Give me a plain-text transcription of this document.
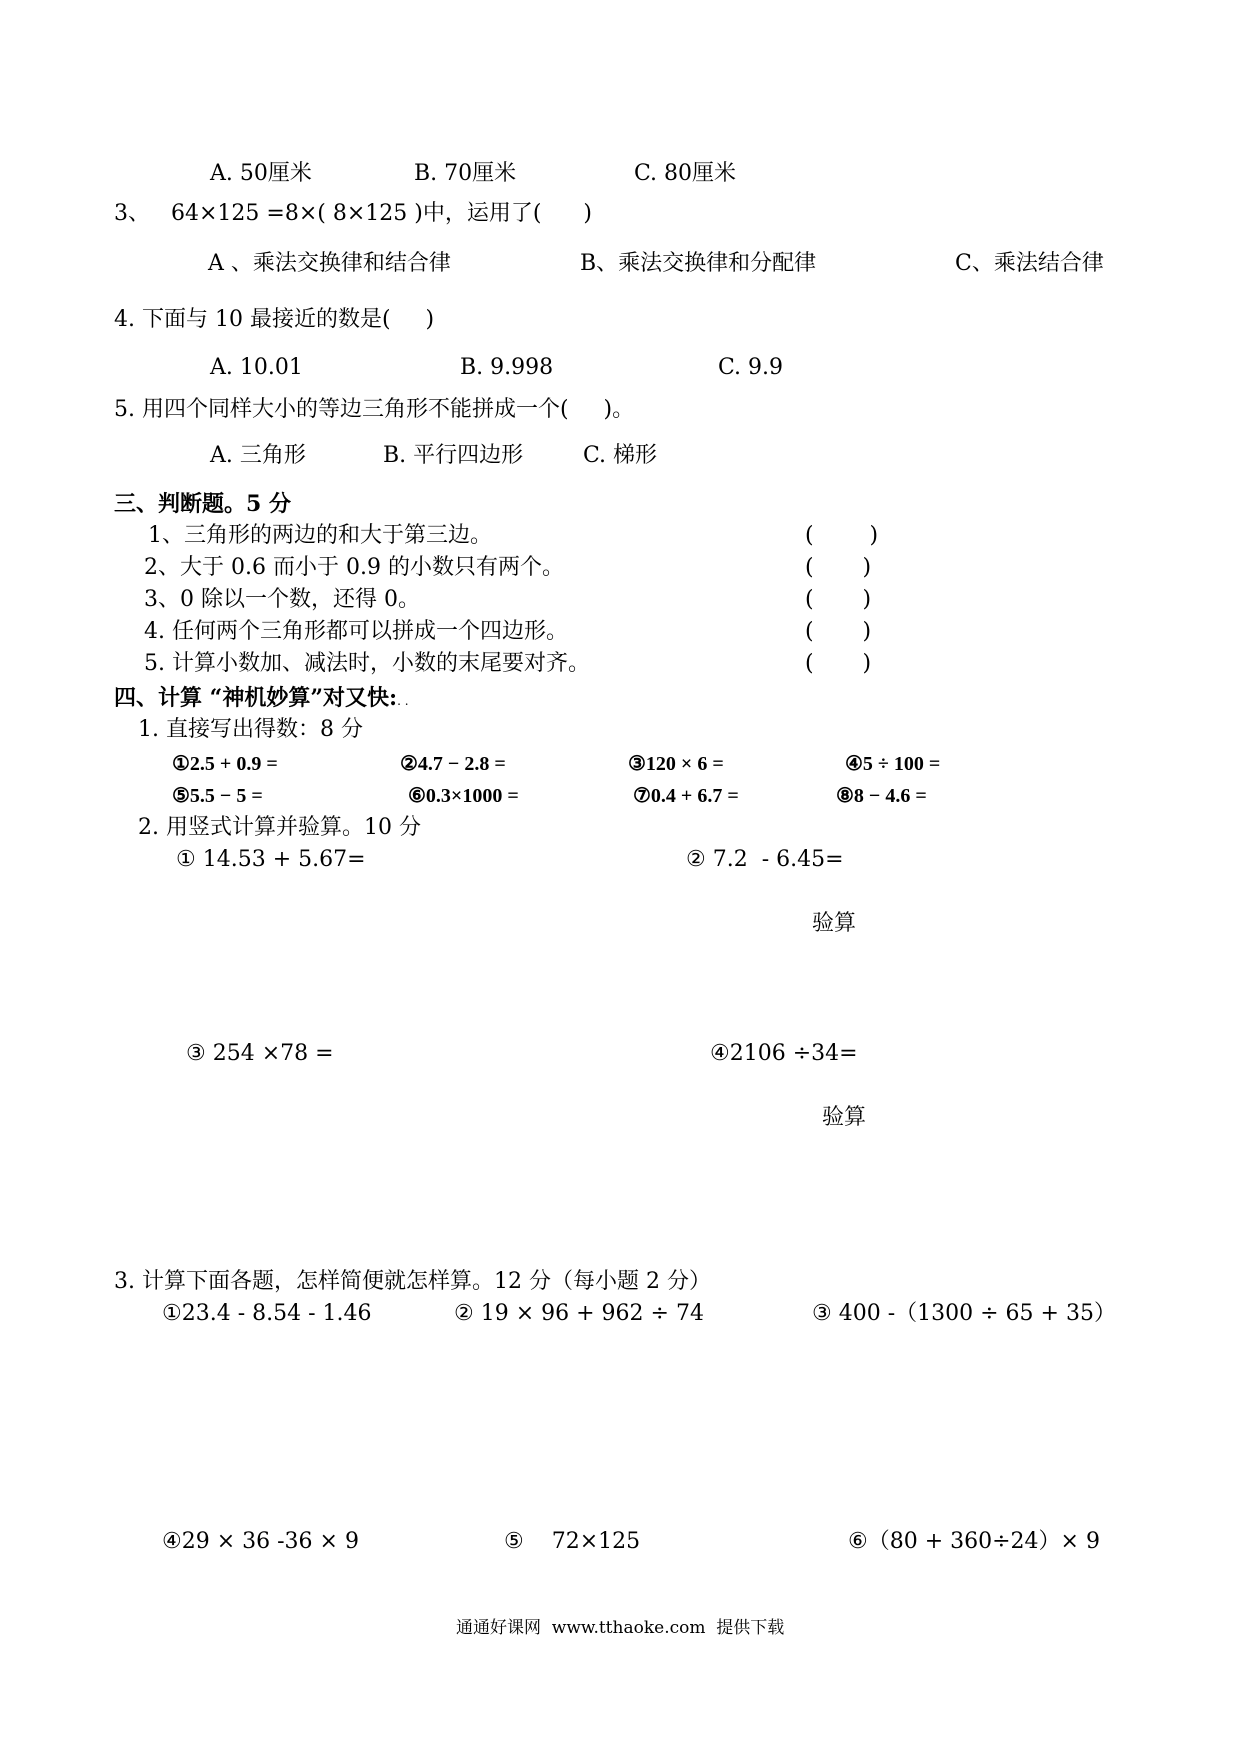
A. 50厘米	B. 70厘米	C. 80厘米
3、   64×125 =8×( 8×125 )中，运用了(      )
A 、乘法交换律和结合律	B、乘法交换律和分配律	C、乘法结合律
4. 下面与 10 最接近的数是(     )
A. 10.01	B. 9.998	C. 9.9
5. 用四个同样大小的等边三角形不能拼成一个(     )。
A. 三角形	B. 平行四边形	C. 梯形
三、判断题。5 分
1、三角形的两边的和大于第三边。	(        )
2、大于 0.6 而小于 0.9 的小数只有两个。	(       )
3、0 除以一个数，还得 0。	(       )
4. 任何两个三角形都可以拼成一个四边形。	(       )
5. 计算小数加、减法时，小数的末尾要对齐。	(       )
四、计算 “神机妙算”对又快:. .
1. 直接写出得数：8 分
①2.5 + 0.9 =	②4.7 − 2.8 =	③120 × 6 =	④5 ÷ 100 =
⑤5.5 − 5 =	⑥0.3×1000 =	⑦0.4 + 6.7 =	⑧8 − 4.6 =
2. 用竖式计算并验算。10 分
① 14.53 + 5.67=	② 7.2  - 6.45=
验算
③ 254 ×78 =	④2106 ÷34=
验算
3. 计算下面各题，怎样简便就怎样算。12 分（每小题 2 分）
①23.4 - 8.54 - 1.46	② 19 × 96 + 962 ÷ 74	③ 400 -（1300 ÷ 65 + 35）
④29 × 36 -36 × 9	⑤    72×125	⑥（80 + 360÷24）× 9
通通好课网  www.tthaoke.com  提供下载
